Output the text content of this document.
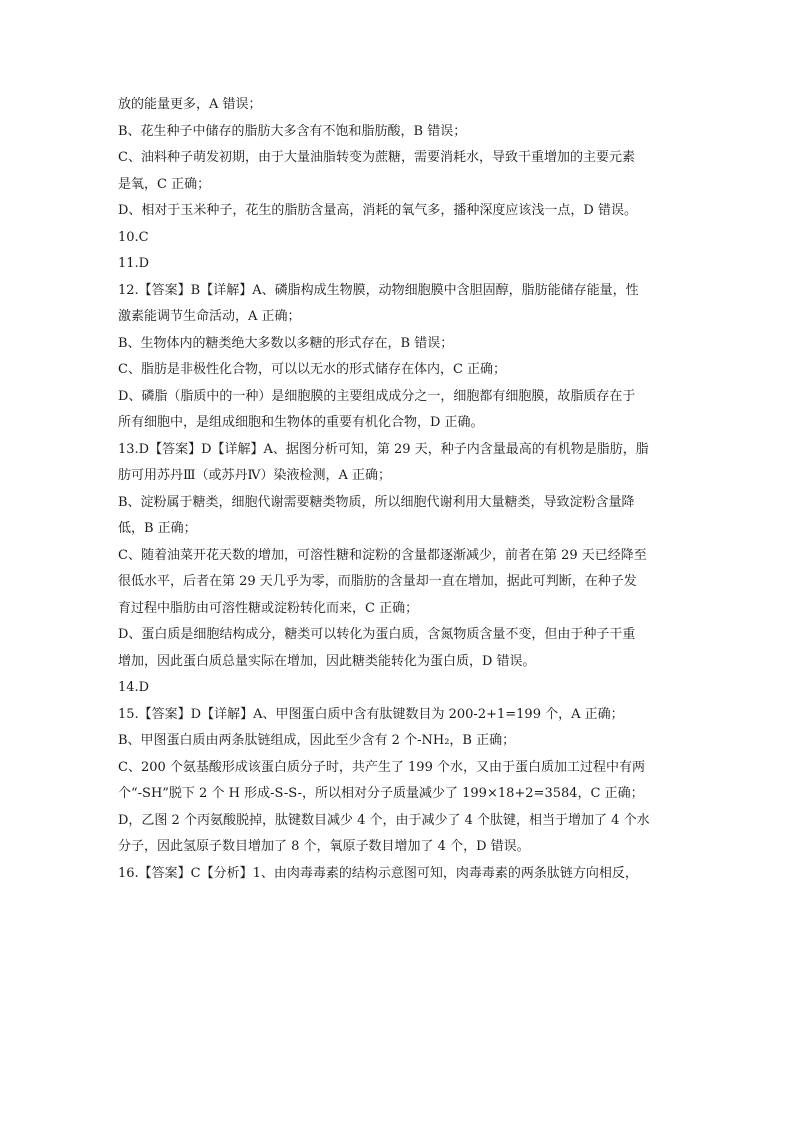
放的能量更多，A 错误；
B、花生种子中储存的脂肪大多含有不饱和脂肪酸，B 错误；
C、油料种子萌发初期，由于大量油脂转变为蔗糖，需要消耗水，导致干重增加的主要元素
是氧，C 正确；
D、相对于玉米种子，花生的脂肪含量高，消耗的氧气多，播种深度应该浅一点，D 错误。
10.C
11.D
12.【答案】B【详解】A、磷脂构成生物膜，动物细胞膜中含胆固醇，脂肪能储存能量，性
激素能调节生命活动，A 正确；
B、生物体内的糖类绝大多数以多糖的形式存在，B 错误；
C、脂肪是非极性化合物，可以以无水的形式储存在体内，C 正确；
D、磷脂（脂质中的一种）是细胞膜的主要组成成分之一，细胞都有细胞膜，故脂质存在于
所有细胞中，是组成细胞和生物体的重要有机化合物，D 正确。
13.D【答案】D【详解】A、据图分析可知，第 29 天，种子内含量最高的有机物是脂肪，脂
肪可用苏丹Ⅲ（或苏丹Ⅳ）染液检测，A 正确；
B、淀粉属于糖类，细胞代谢需要糖类物质，所以细胞代谢利用大量糖类，导致淀粉含量降
低，B 正确；
C、随着油菜开花天数的增加，可溶性糖和淀粉的含量都逐渐减少，前者在第 29 天已经降至
很低水平，后者在第 29 天几乎为零，而脂肪的含量却一直在增加，据此可判断，在种子发
育过程中脂肪由可溶性糖或淀粉转化而来，C 正确；
D、蛋白质是细胞结构成分，糖类可以转化为蛋白质，含氮物质含量不变，但由于种子干重
增加，因此蛋白质总量实际在增加，因此糖类能转化为蛋白质，D 错误。
14.D
15.【答案】D【详解】A、甲图蛋白质中含有肽键数目为 200-2+1=199 个，A 正确；
B、甲图蛋白质由两条肽链组成，因此至少含有 2 个-NH₂，B 正确；
C、200 个氨基酸形成该蛋白质分子时，共产生了 199 个水，又由于蛋白质加工过程中有两
个“-SH”脱下 2 个 H 形成-S-S-，所以相对分子质量减少了 199×18+2=3584，C 正确；
D，乙图 2 个丙氨酸脱掉，肽键数目减少 4 个，由于减少了 4 个肽键，相当于增加了 4 个水
分子，因此氢原子数目增加了 8 个，氧原子数目增加了 4 个，D 错误。
16.【答案】C【分析】1、由肉毒毒素的结构示意图可知，肉毒毒素的两条肽链方向相反，
